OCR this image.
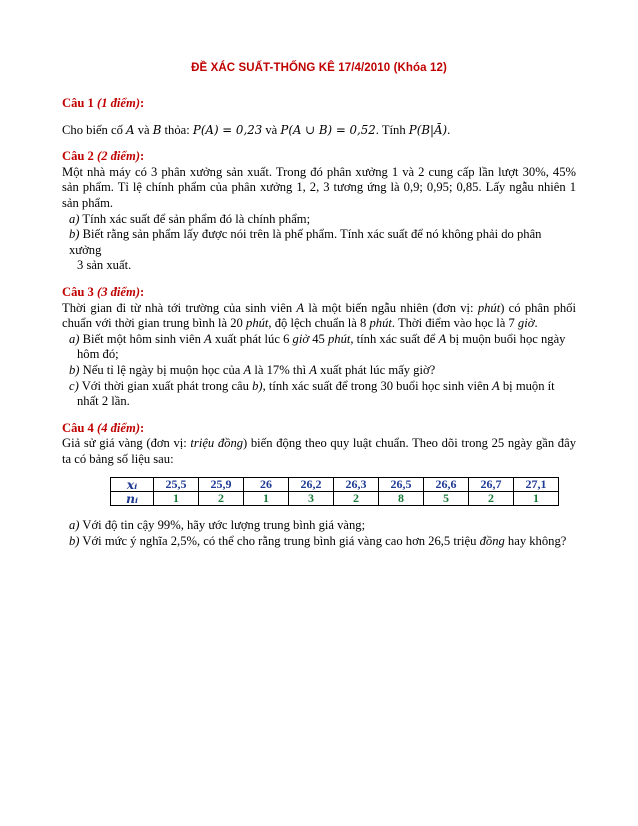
ĐỀ XÁC SUẤT-THỐNG KÊ 17/4/2010 (Khóa 12)

Câu 1 (1 điểm):

Cho biến cố A và B thỏa: P(A) = 0,23 và P(A ∪ B) = 0,52. Tính P(B|Ā).

Câu 2 (2 điểm):

Một nhà máy có 3 phân xưởng sản xuất. Trong đó phân xưởng 1 và 2 cung cấp lần lượt 30%, 45% sản phẩm. Tỉ lệ chính phẩm của phân xưởng 1, 2, 3 tương ứng là 0,9; 0,95; 0,85. Lấy ngẫu nhiên 1 sản phẩm.

a) Tính xác suất để sản phẩm đó là chính phẩm;

b) Biết rằng sản phẩm lấy được nói trên là phế phẩm. Tính xác suất để nó không phải do phân xưởng
3 sản xuất.

Câu 3 (3 điểm):

Thời gian đi từ nhà tới trường của sinh viên A là một biến ngẫu nhiên (đơn vị: phút) có phân phối chuẩn với thời gian trung bình là 20 phút, độ lệch chuẩn là 8 phút. Thời điểm vào học là 7 giờ.

a) Biết một hôm sinh viên A xuất phát lúc 6 giờ 45 phút, tính xác suất để A bị muộn buổi học ngày
hôm đó;

b) Nếu tỉ lệ ngày bị muộn học của A là 17% thì A xuất phát lúc mấy giờ?

c) Với thời gian xuất phát trong câu b), tính xác suất để trong 30 buổi học sinh viên A bị muộn ít
nhất 2 lần.

Câu 4 (4 điểm):

Giả sử giá vàng (đơn vị: triệu đồng) biến động theo quy luật chuẩn. Theo dõi trong 25 ngày gần đây ta có bảng số liệu sau:

xᵢ	25,5	25,9	26	26,2	26,3	26,5	26,6	26,7	27,1
nᵢ	1	2	1	3	2	8	5	2	1

a) Với độ tin cậy 99%, hãy ước lượng trung bình giá vàng;

b) Với mức ý nghĩa 2,5%, có thể cho rằng trung bình giá vàng cao hơn 26,5 triệu đồng hay không?
